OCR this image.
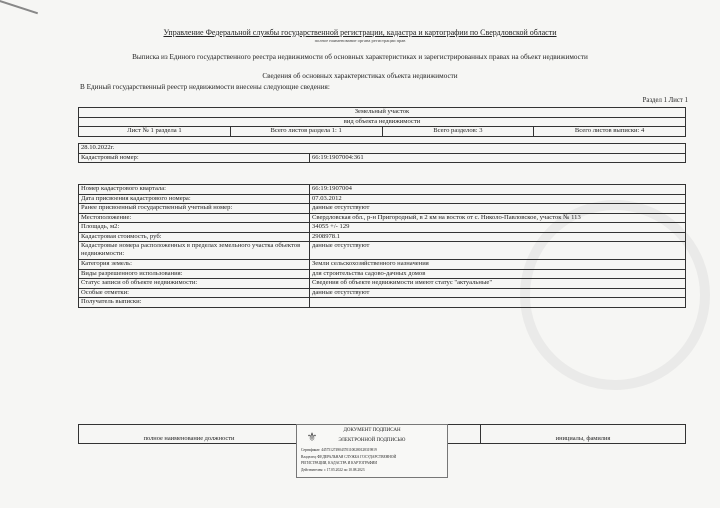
Управление Федеральной службы государственной регистрации, кадастра и картографии по Свердловской области
полное наименование органа регистрации прав
Выписка из Единого государственного реестра недвижимости об основных характеристиках и зарегистрированных правах на объект недвижимости
Сведения об основных характеристиках объекта недвижимости
В Единый государственный реестр недвижимости внесены следующие сведения:
Раздел 1 Лист 1
Земельный участок
вид объекта недвижимости
Лист № 1 раздела 1	Всего листов раздела 1: 1	Всего разделов: 3	Всего листов выписки: 4
28.10.2022г.
Кадастровый номер:	66:19:1907004:361
Номер кадастрового квартала:	66:19:1907004
Дата присвоения кадастрового номера:	07.03.2012
Ранее присвоенный государственный учетный номер:	данные отсутствуют
Местоположение:	Свердловская обл., р-н Пригородный, в 2 км на восток от с. Николо-Павловское, участок № 113
Площадь, м2:	34055 +/- 129
Кадастровая стоимость, руб:	2908978.1
Кадастровые номера расположенных в пределах земельного участка объектов недвижимости:	данные отсутствуют
Категория земель:	Земли сельскохозяйственного назначения
Виды разрешенного использования:	для строительства садово-дачных домов
Статус записи об объекте недвижимости:	Сведения об объекте недвижимости имеют статус "актуальные"
Особые отметки:	данные отсутствуют
Получатель выписки:	
полное наименование должности		инициалы, фамилия
⚜	ДОКУМЕНТ ПОДПИСАН
ЭЛЕКТРОННОЙ ПОДПИСЬЮ
Сертификат: 4457512749043701100280128319819
Владелец: ФЕДЕРАЛЬНАЯ СЛУЖБА ГОСУДАРСТВЕННОЙ
РЕГИСТРАЦИИ, КАДАСТРА И КАРТОГРАФИИ
Действителен: с 17.05.2022 по 10.08.2023
